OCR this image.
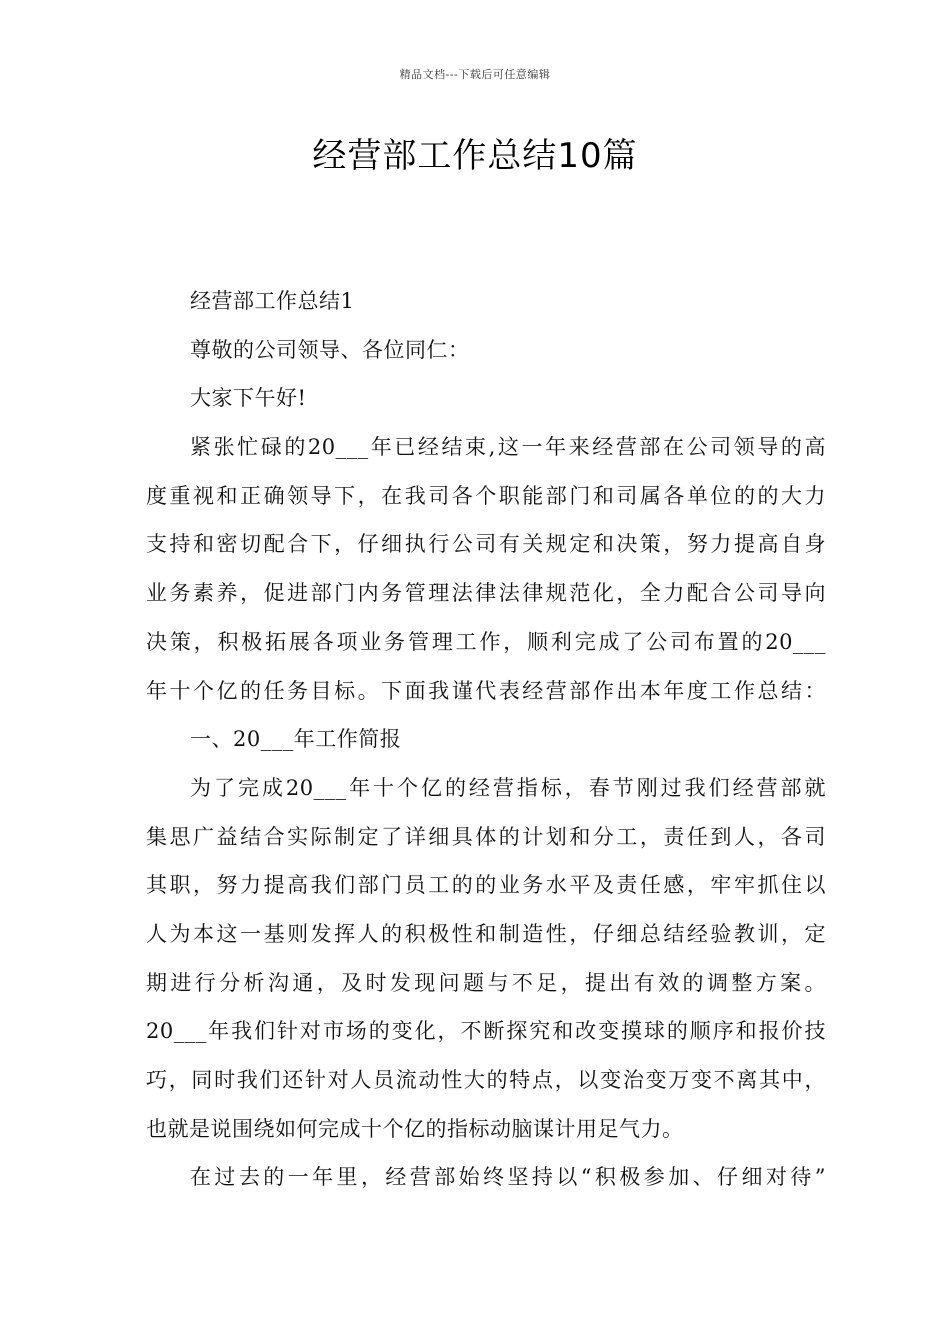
精品文档---下载后可任意编辑
经营部工作总结10篇
经营部工作总结1
尊敬的公司领导、各位同仁：
大家下午好!
紧张忙碌的20___年已经结束,这一年来经营部在公司领导的高
度重视和正确领导下，在我司各个职能部门和司属各单位的的大力
支持和密切配合下，仔细执行公司有关规定和决策，努力提高自身
业务素养，促进部门内务管理法律法律规范化，全力配合公司导向
决策，积极拓展各项业务管理工作，顺利完成了公司布置的20___
年十个亿的任务目标。下面我谨代表经营部作出本年度工作总结：
一、20___年工作简报
为了完成20___年十个亿的经营指标，春节刚过我们经营部就
集思广益结合实际制定了详细具体的计划和分工，责任到人，各司
其职，努力提高我们部门员工的的业务水平及责任感，牢牢抓住以
人为本这一基则发挥人的积极性和制造性，仔细总结经验教训，定
期进行分析沟通，及时发现问题与不足，提出有效的调整方案。
20___年我们针对市场的变化，不断探究和改变摸球的顺序和报价技
巧，同时我们还针对人员流动性大的特点，以变治变万变不离其中，
也就是说围绕如何完成十个亿的指标动脑谋计用足气力。
在过去的一年里，经营部始终坚持以“积极参加、仔细对待”
